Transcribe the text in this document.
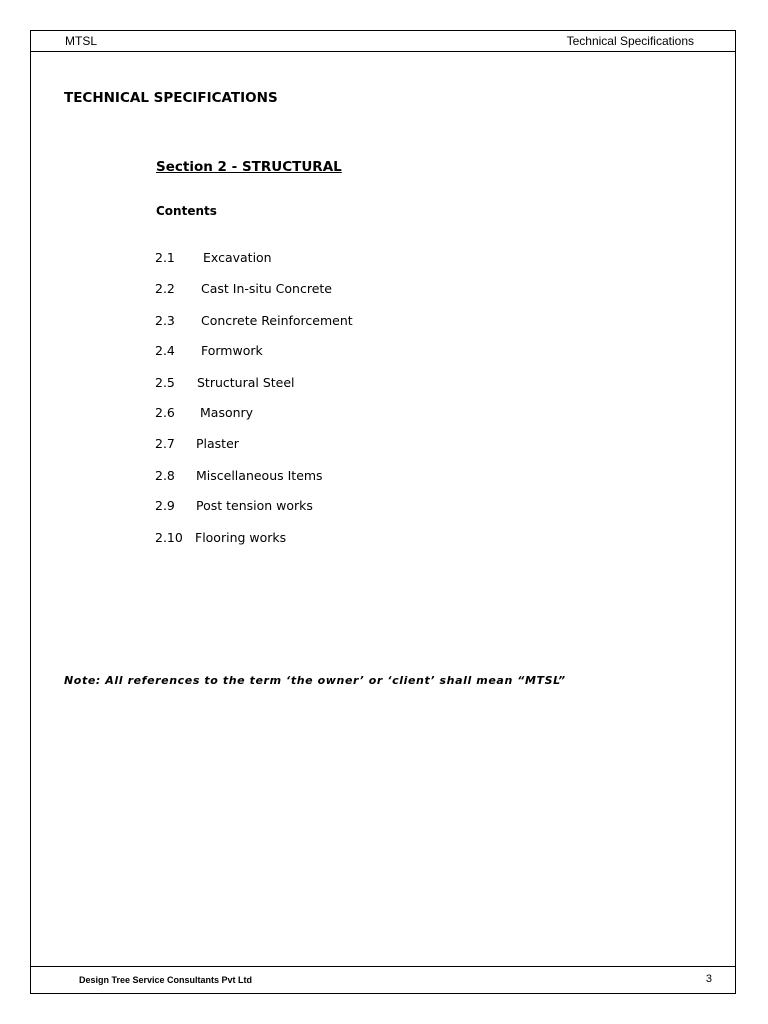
MTSL	Technical Specifications
TECHNICAL SPECIFICATIONS
Section 2 - STRUCTURAL
Contents
2.1 Excavation
2.2 Cast In-situ Concrete
2.3 Concrete Reinforcement
2.4 Formwork
2.5 Structural Steel
2.6 Masonry
2.7 Plaster
2.8 Miscellaneous Items
2.9 Post tension works
2.10 Flooring works
Note: All references to the term ‘the owner’ or ‘client’ shall mean “MTSL”
Design Tree Service Consultants Pvt Ltd	3
